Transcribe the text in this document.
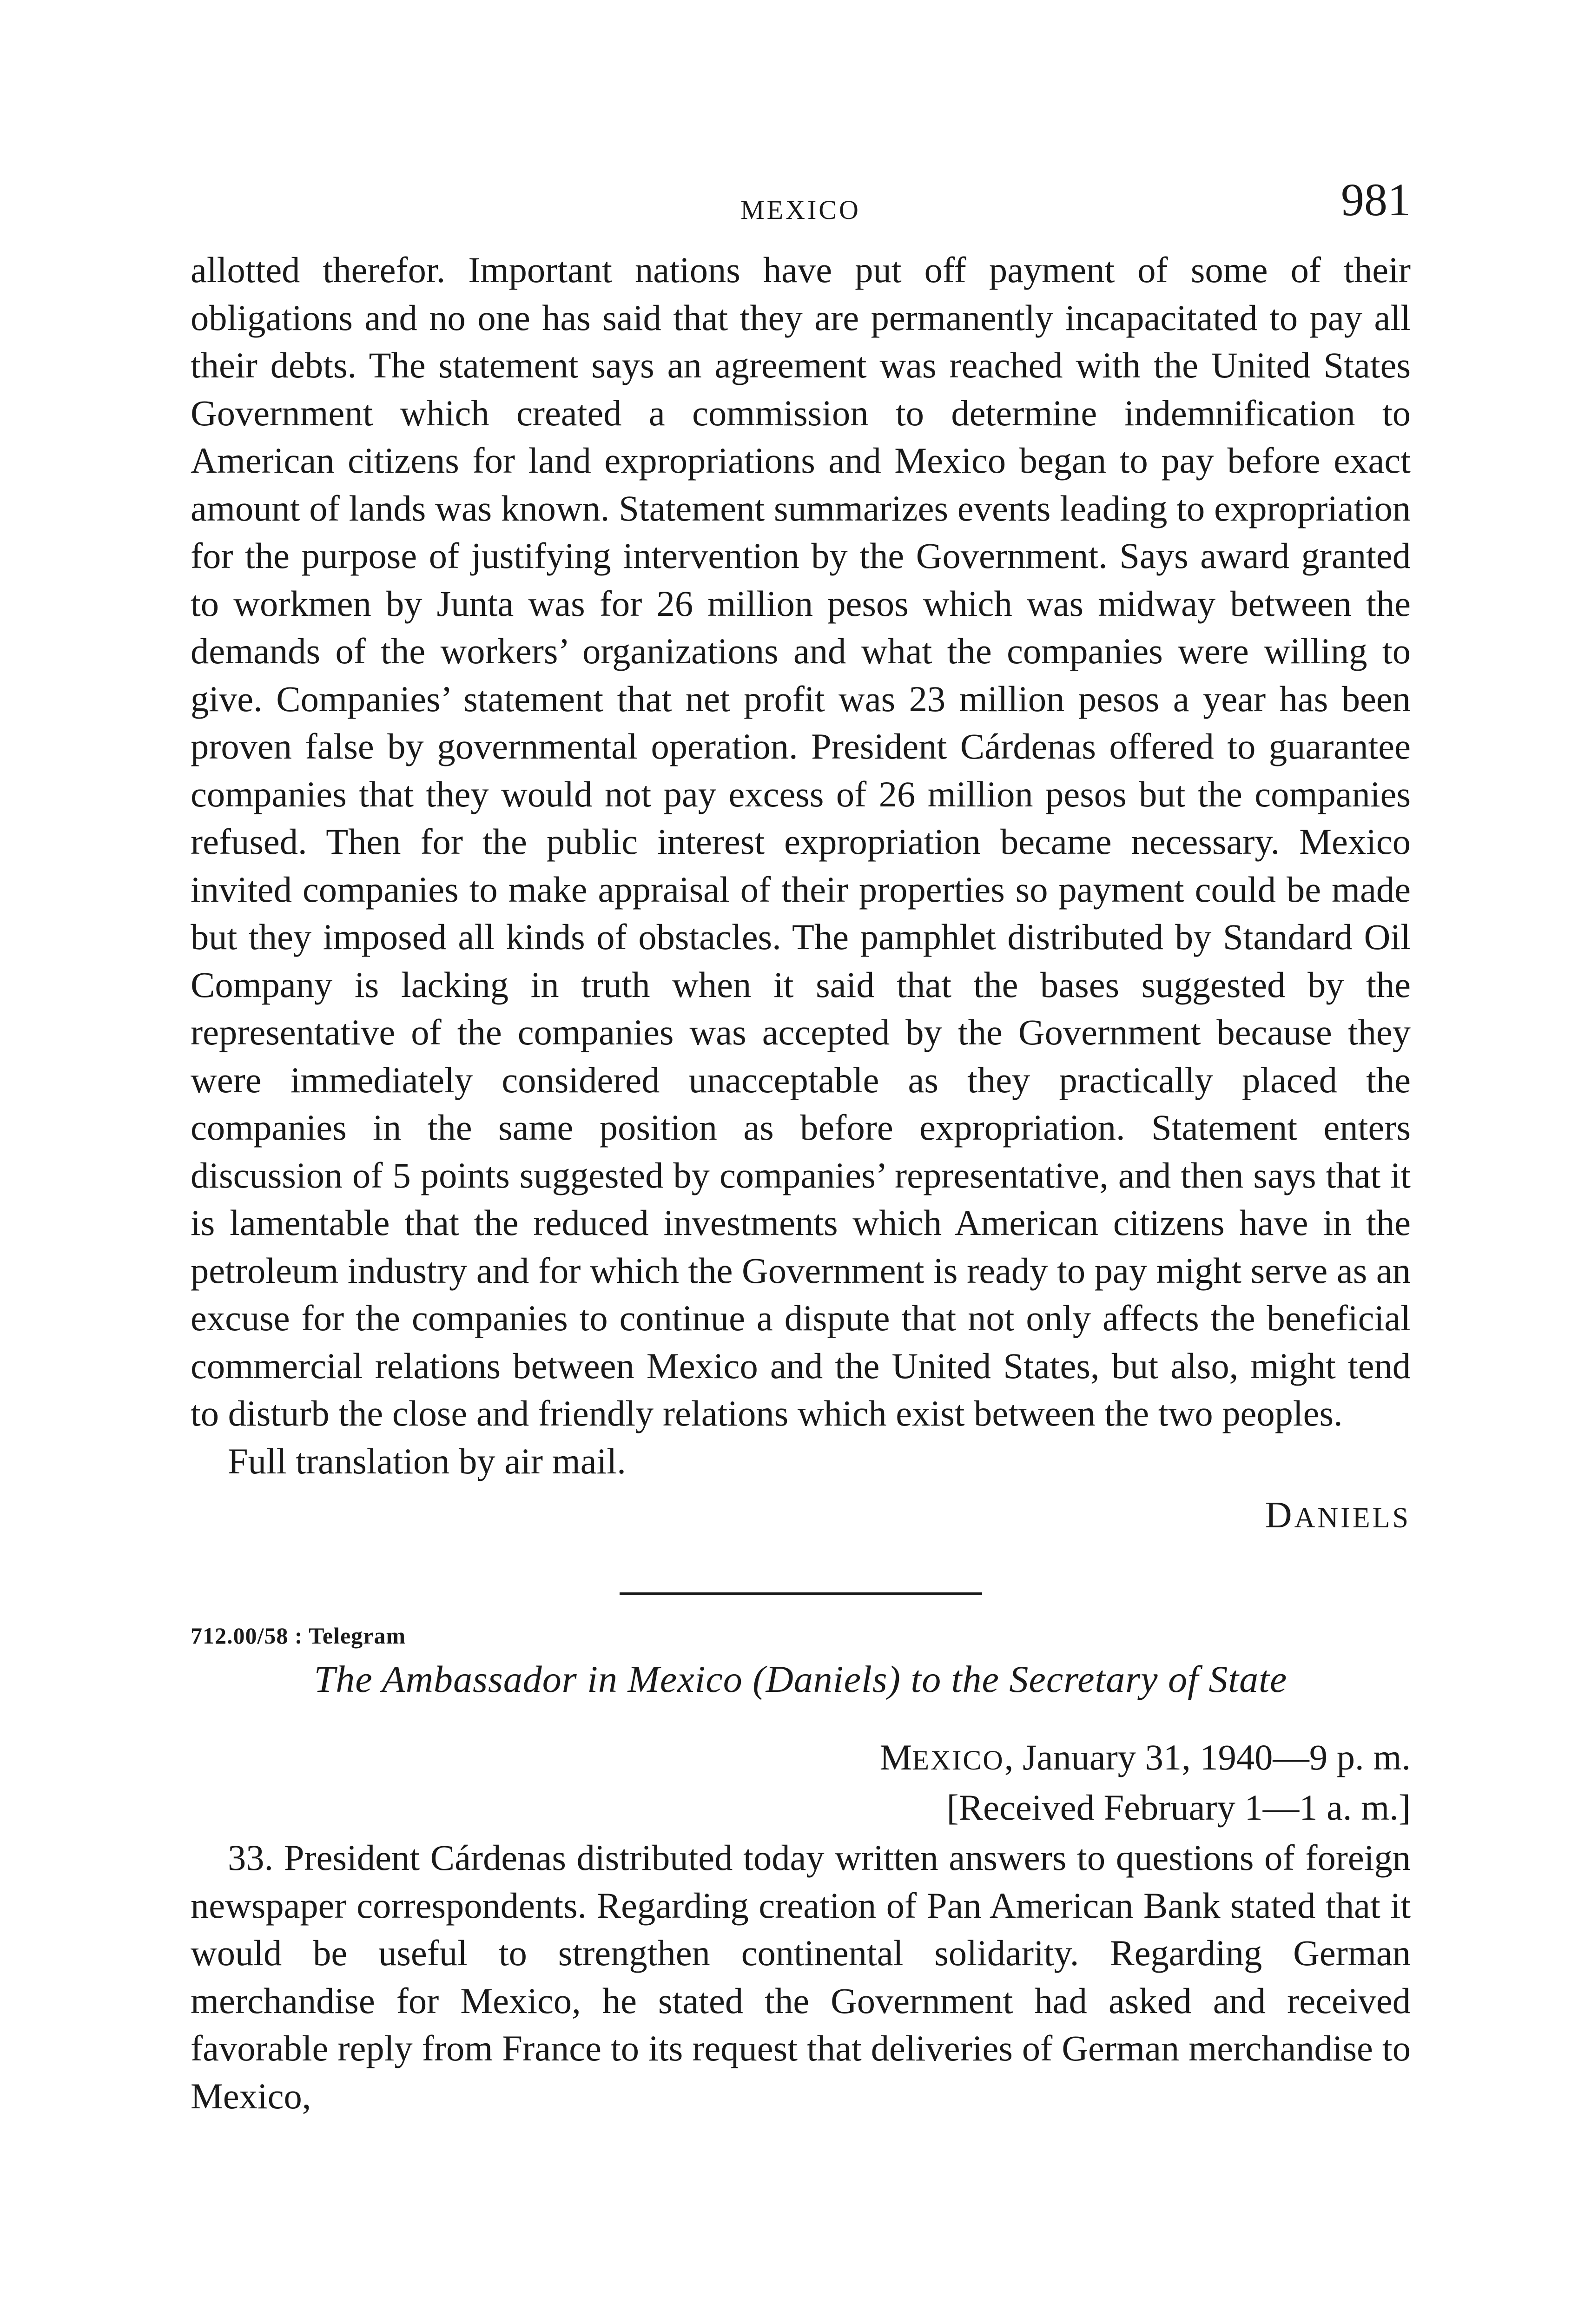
MEXICO	981

allotted therefor. Important nations have put off payment of some of their obligations and no one has said that they are permanently incapacitated to pay all their debts. The statement says an agreement was reached with the United States Government which created a commission to determine indemnification to American citizens for land expropriations and Mexico began to pay before exact amount of lands was known. Statement summarizes events leading to expropriation for the purpose of justifying intervention by the Government. Says award granted to workmen by Junta was for 26 million pesos which was midway between the demands of the workers’ organizations and what the companies were willing to give. Companies’ statement that net profit was 23 million pesos a year has been proven false by governmental operation. President Cárdenas offered to guarantee companies that they would not pay excess of 26 million pesos but the companies refused. Then for the public interest expropriation became necessary. Mexico invited companies to make appraisal of their properties so payment could be made but they imposed all kinds of obstacles. The pamphlet distributed by Standard Oil Company is lacking in truth when it said that the bases suggested by the representative of the companies was accepted by the Government because they were immediately considered unacceptable as they practically placed the companies in the same position as before expropriation. Statement enters discussion of 5 points suggested by companies’ representative, and then says that it is lamentable that the reduced investments which American citizens have in the petroleum industry and for which the Government is ready to pay might serve as an excuse for the companies to continue a dispute that not only affects the beneficial commercial relations between Mexico and the United States, but also, might tend to disturb the close and friendly relations which exist between the two peoples.

Full translation by air mail.

DANIELS
712.00/58 : Telegram
The Ambassador in Mexico (Daniels) to the Secretary of State
MEXICO, January 31, 1940—9 p. m.
[Received February 1—1 a. m.]

33. President Cárdenas distributed today written answers to questions of foreign newspaper correspondents. Regarding creation of Pan American Bank stated that it would be useful to strengthen continental solidarity. Regarding German merchandise for Mexico, he stated the Government had asked and received favorable reply from France to its request that deliveries of German merchandise to Mexico,
